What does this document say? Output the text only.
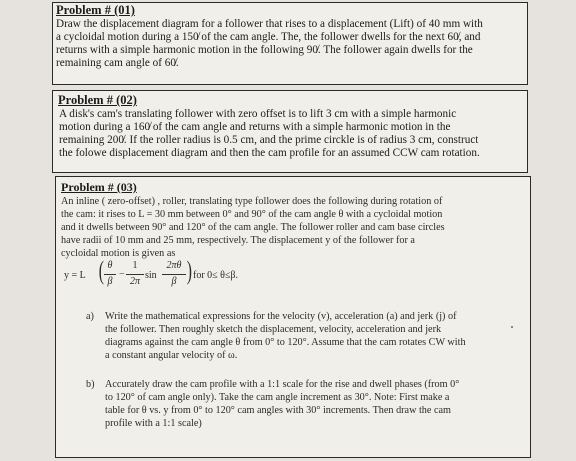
Problem # (01)
Draw the displacement diagram for a follower that rises to a displacement (Lift) of 40 mm with
a cycloidal motion during a 150̸ of the cam angle. The, the follower dwells for the next 60̸, and
returns with a simple harmonic motion in the following 90̸. The follower again dwells for the
remaining cam angle of 60̸.
Problem # (02)
A disk's cam's translating follower with zero offset is to lift 3 cm with a simple harmonic
motion during a 160̸ of the cam angle and returns with a simple harmonic motion in the
remaining 200̸. If the roller radius is 0.5 cm, and the prime circkle is of radius 3 cm, construct
the folowe displacement diagram and then the cam profile for an assumed CCW cam rotation.
Problem # (03)
An inline ( zero-offset) , roller, translating type follower does the following during rotation of
the cam: it rises to L = 30 mm between 0° and 90° of the cam angle θ with a cycloidal motion
and it dwells between 90° and 120° of the cam angle. The follower roller and cam base circles
have radii of 10 mm and 25 mm, respectively. The displacement y of the follower for a
cycloidal motion is given as
y = L ( θ
β
−
1
2π
sin
2πθ
β ) for 0≤ θ≤β.
a) Write the mathematical expressions for the velocity (v), acceleration (a) and jerk (j) of
the follower. Then roughly sketch the displacement, velocity, acceleration and jerk
diagrams against the cam angle θ from 0° to 120°. Assume that the cam rotates CW with
a constant angular velocity of ω.
b) Accurately draw the cam profile with a 1:1 scale for the rise and dwell phases (from 0°
to 120° of cam angle only). Take the cam angle increment as 30°. Note: First make a
table for θ vs. y from 0° to 120° cam angles with 30° increments. Then draw the cam
profile with a 1:1 scale)
